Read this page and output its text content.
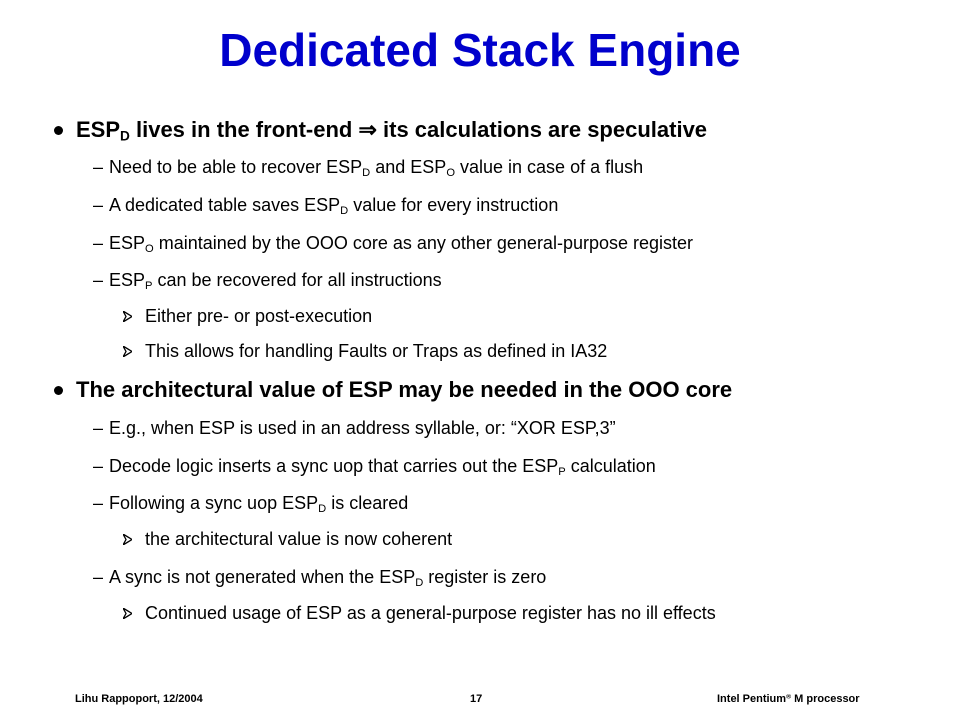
Dedicated Stack Engine
$ESP_D$ lives in the front-end ⇒ its calculations are speculative
– Need to be able to recover $ESP_D$ and $ESP_O$ value in case of a flush
– A dedicated table saves $ESP_D$ value for every instruction
– $ESP_O$ maintained by the OOO core as any other general-purpose register
– $ESP_P$ can be recovered for all instructions
Either pre- or post-execution
This allows for handling Faults or Traps as defined in IA32
The architectural value of ESP may be needed in the OOO core
– E.g., when ESP is used in an address syllable, or: “XOR ESP,3”
– Decode logic inserts a sync uop that carries out the $ESP_P$ calculation
– Following a sync uop $ESP_D$ is cleared
the architectural value is now coherent
– A sync is not generated when the $ESP_D$ register is zero
Continued usage of ESP as a general-purpose register has no ill effects
Lihu Rappoport, 12/2004	17	Intel Pentium® M processor
